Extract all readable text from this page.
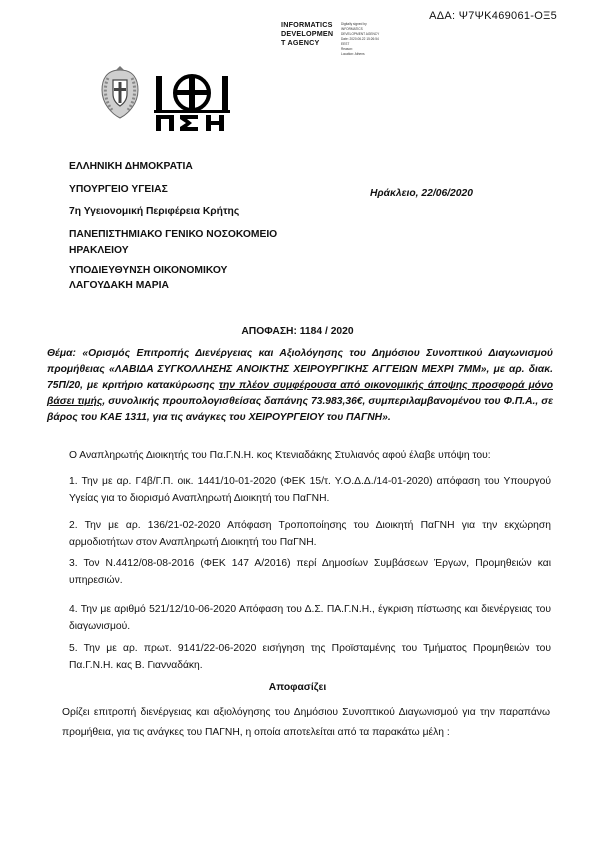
ΑΔΑ: Ψ7ΨΚ469061-ΟΞ5
INFORMATICS
DEVELOPMEN
T AGENCY
Digitally signed by
INFORMATICS
DEVELOPMENT AGENCY
Date: 2020.06.22 15:26:54
EEST
Reason:
Location: Athens
ΕΛΛΗΝΙΚΗ ΔΗΜΟΚΡΑΤΙΑ
ΥΠΟΥΡΓΕΙΟ ΥΓΕΙΑΣ	Ηράκλειο, 22/06/2020
7η Υγειονομική Περιφέρεια Κρήτης
ΠΑΝΕΠΙΣΤΗΜΙΑΚΟ ΓΕΝΙΚΟ ΝΟΣΟΚΟΜΕΙΟ
ΗΡΑΚΛΕΙΟΥ
ΥΠΟΔΙΕΥΘΥΝΣΗ ΟΙΚΟΝΟΜΙΚΟΥ
ΛΑΓΟΥΔΑΚΗ ΜΑΡΙΑ
ΑΠΟΦΑΣΗ: 1184 / 2020
Θέμα: «Ορισμός Επιτροπής Διενέργειας και Αξιολόγησης του Δημόσιου Συνοπτικού Διαγωνισμού προμήθειας «ΛΑΒΙΔΑ ΣΥΓΚΟΛΛΗΣΗΣ ΑΝΟΙΚΤΗΣ ΧΕΙΡΟΥΡΓΙΚΗΣ ΑΓΓΕΙΩΝ ΜΕΧΡΙ 7ΜΜ», με αρ. διακ. 75Π/20, με κριτήριο κατακύρωσης την πλέον συμφέρουσα από οικονομικής άποψης προσφορά μόνο βάσει τιμής, συνολικής προυπολογισθείσας δαπάνης 73.983,36€, συμπεριλαμβανομένου του Φ.Π.Α., σε βάρος του ΚΑΕ 1311, για τις ανάγκες του ΧΕΙΡΟΥΡΓΕΙΟΥ του ΠΑΓΝΗ».
Ο Αναπληρωτής Διοικητής του Πα.Γ.Ν.Η. κος Κτενιαδάκης Στυλιανός αφού έλαβε υπόψη του:
1. Την με αρ. Γ4β/Γ.Π. οικ. 1441/10-01-2020 (ΦΕΚ 15/τ. Υ.Ο.Δ.Δ./14-01-2020) απόφαση του Υπουργού Υγείας για το διορισμό Αναπληρωτή Διοικητή του ΠαΓΝΗ.
2. Την με αρ. 136/21-02-2020 Απόφαση Τροποποίησης του Διοικητή ΠαΓΝΗ για την εκχώρηση αρμοδιοτήτων στον Αναπληρωτή Διοικητή του ΠαΓΝΗ.
3. Τον Ν.4412/08-08-2016 (ΦΕΚ 147 Α/2016) περί Δημοσίων Συμβάσεων Έργων, Προμηθειών και υπηρεσιών.
4. Την με αριθμό 521/12/10-06-2020 Απόφαση του Δ.Σ. ΠΑ.Γ.Ν.Η., έγκριση πίστωσης και διενέργειας του διαγωνισμού.
5. Την με αρ. πρωτ. 9141/22-06-2020 εισήγηση της Προϊσταμένης του Τμήματος Προμηθειών του Πα.Γ.Ν.Η. κας Β. Γιανναδάκη.
Αποφασίζει
Ορίζει επιτροπή διενέργειας και αξιολόγησης του Δημόσιου Συνοπτικού Διαγωνισμού για την παραπάνω προμήθεια, για τις ανάγκες του ΠΑΓΝΗ, η οποία αποτελείται από τα παρακάτω μέλη :
